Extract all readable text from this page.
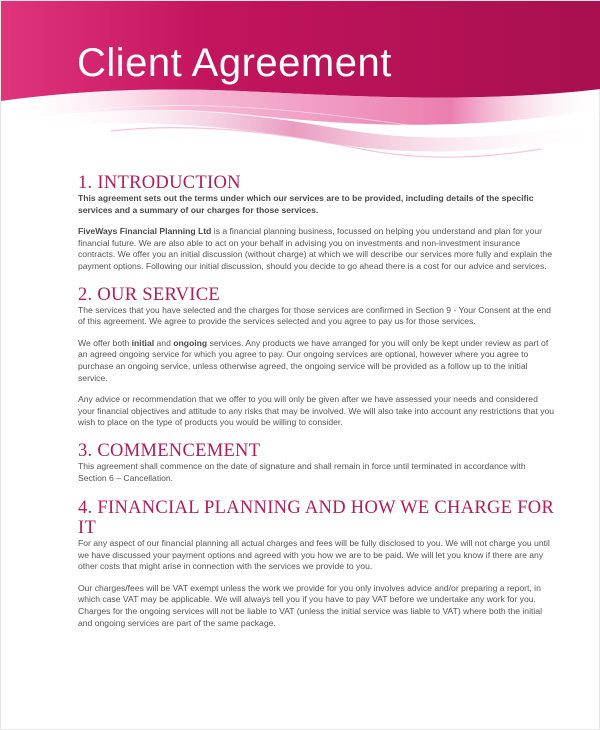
Client Agreement
1. INTRODUCTION

This agreement sets out the terms under which our services are to be provided, including details of the specific services and a summary of our charges for those services.

FiveWays Financial Planning Ltd is a financial planning business, focussed on helping you understand and plan for your financial future. We are also able to act on your behalf in advising you on investments and non-investment insurance contracts. We offer you an initial discussion (without charge) at which we will describe our services more fully and explain the payment options. Following our initial discussion, should you decide to go ahead there is a cost for our advice and services.

2. OUR SERVICE

The services that you have selected and the charges for those services are confirmed in Section 9 - Your Consent at the end of this agreement. We agree to provide the services selected and you agree to pay us for those services.

We offer both initial and ongoing services. Any products we have arranged for you will only be kept under review as part of an agreed ongoing service for which you agree to pay. Our ongoing services are optional, however where you agree to purchase an ongoing service, unless otherwise agreed, the ongoing service will be provided as a follow up to the initial service.

Any advice or recommendation that we offer to you will only be given after we have assessed your needs and considered your financial objectives and attitude to any risks that may be involved. We will also take into account any restrictions that you wish to place on the type of products you would be willing to consider.

3. COMMENCEMENT

This agreement shall commence on the date of signature and shall remain in force until terminated in accordance with Section 6 – Cancellation.

4. FINANCIAL PLANNING AND HOW WE CHARGE FOR IT

For any aspect of our financial planning all actual charges and fees will be fully disclosed to you. We will not charge you until we have discussed your payment options and agreed with you how we are to be paid. We will let you know if there are any other costs that might arise in connection with the services we provide to you.

Our charges/fees will be VAT exempt unless the work we provide for you only involves advice and/or preparing a report, in which case VAT may be applicable. We will always tell you if you have to pay VAT before we undertake any work for you. Charges for the ongoing services will not be liable to VAT (unless the initial service was liable to VAT) where both the initial and ongoing services are part of the same package.
